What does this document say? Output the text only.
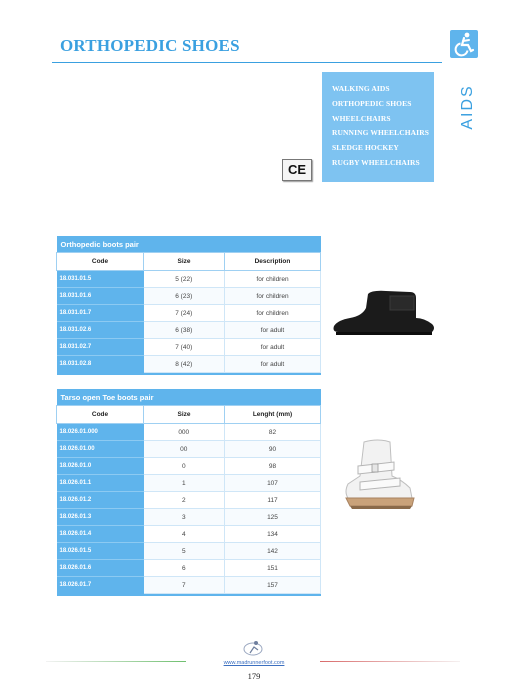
ORTHOPEDIC SHOES
WALKING AIDS
ORTHOPEDIC SHOES
WHEELCHAIRS
RUNNING WHEELCHAIRS
SLEDGE HOCKEY
RUGBY WHEELCHAIRS
AIDS
CE
Orthopedic boots pair		
Code	Size	Description
18.031.01.5	5 (22)	for children
18.031.01.6	6 (23)	for children
18.031.01.7	7 (24)	for children
18.031.02.6	6 (38)	for adult
18.031.02.7	7 (40)	for adult
18.031.02.8	8 (42)	for adult

Tarso open Toe boots pair		
Code	Size	Lenght (mm)
18.026.01.000	000	82
18.026.01.00	00	90
18.026.01.0	0	98
18.026.01.1	1	107
18.026.01.2	2	117
18.026.01.3	3	125
18.026.01.4	4	134
18.026.01.5	5	142
18.026.01.6	6	151
18.026.01.7	7	157

www.madrunnerfoot.com
179
